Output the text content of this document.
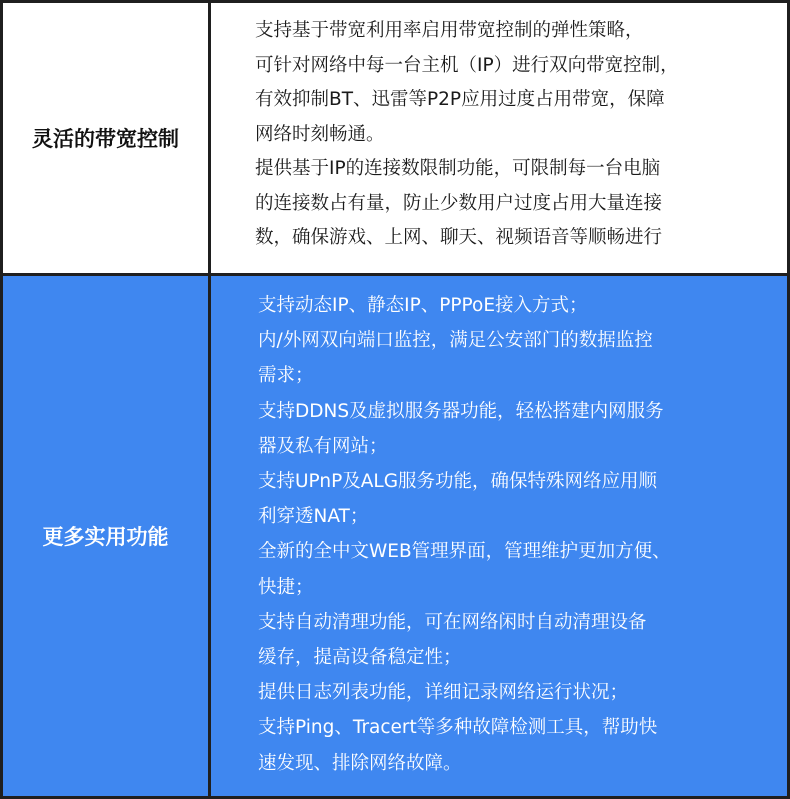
灵活的带宽控制
支持基于带宽利用率启用带宽控制的弹性策略，
可针对网络中每一台主机（IP）进行双向带宽控制，
有效抑制BT、迅雷等P2P应用过度占用带宽，保障
网络时刻畅通。
提供基于IP的连接数限制功能，可限制每一台电脑
的连接数占有量，防止少数用户过度占用大量连接
数，确保游戏、上网、聊天、视频语音等顺畅进行
更多实用功能
支持动态IP、静态IP、PPPoE接入方式；
内/外网双向端口监控，满足公安部门的数据监控
需求；
支持DDNS及虚拟服务器功能，轻松搭建内网服务
器及私有网站；
支持UPnP及ALG服务功能，确保特殊网络应用顺
利穿透NAT；
全新的全中文WEB管理界面，管理维护更加方便、
快捷；
支持自动清理功能，可在网络闲时自动清理设备
缓存，提高设备稳定性；
提供日志列表功能，详细记录网络运行状况；
支持Ping、Tracert等多种故障检测工具，帮助快
速发现、排除网络故障。
